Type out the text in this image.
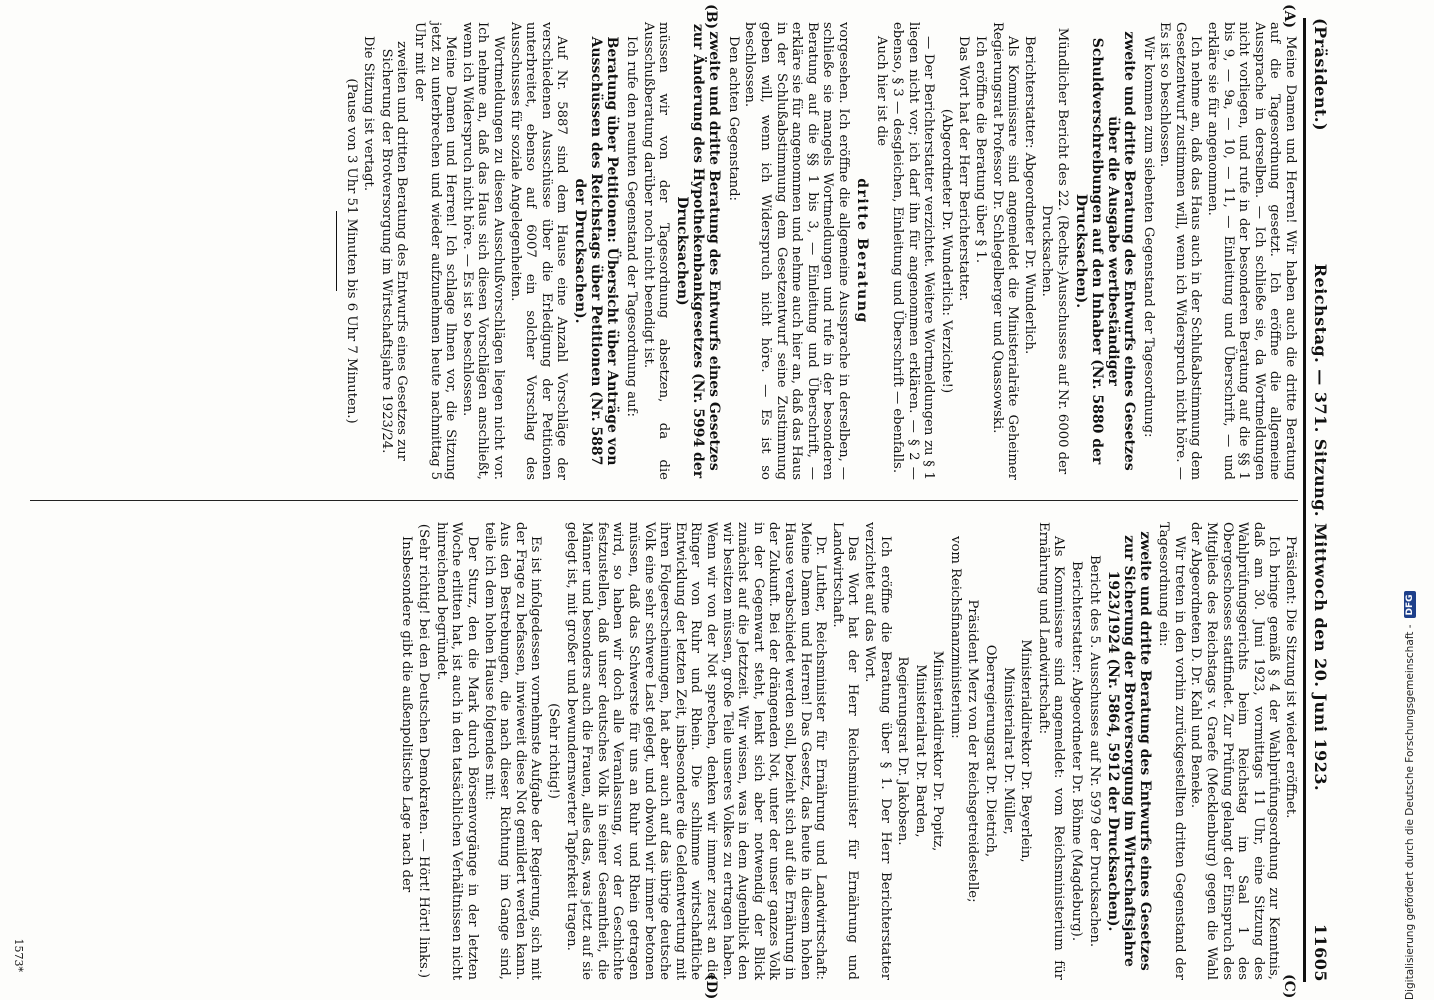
(Präsident.)
Reichstag. — 371. Sitzung. Mittwoch den 20. Juni 1923.
11605
(A)
(B)
(C)
(D)

Meine Damen und Herren! Wir haben auch die dritte Beratung auf die Tagesordnung gesetzt. Ich eröffne die allgemeine Aussprache in derselben. — Ich schließe sie, da Wortmeldungen nicht vorliegen, und rufe in der besonderen Beratung auf die §§ 1 bis 9, — 9a, — 10, — 11, — Einleitung und Überschrift, — und erkläre sie für angenommen.

Ich nehme an, daß das Haus auch in der Schlußabstimmung dem Gesetzentwurf zustimmen will, wenn ich Widerspruch nicht höre. — Es ist so beschlossen.

Wir kommen zum siebenten Gegenstand der Tagesordnung:

zweite und dritte Beratung des Entwurfs eines Gesetzes über die Ausgabe wertbeständiger Schuldverschreibungen auf den Inhaber (Nr. 5880 der Drucksachen).

Mündlicher Bericht des 22. (Rechts-)Ausschusses auf Nr. 6000 der Drucksachen.

Berichterstatter: Abgeordneter Dr. Wunderlich.

Als Kommissare sind angemeldet die Ministerialräte Geheimer Regierungsrat Professor Dr. Schlegelberger und Quassowski.

Ich eröffne die Beratung über § 1.

Das Wort hat der Herr Berichterstatter.

(Abgeordneter Dr. Wunderlich: Verzichte!)

— Der Berichterstatter verzichtet. Weitere Wortmeldungen zu § 1 liegen nicht vor; ich darf ihn für angenommen erklären. — § 2 — ebenso, § 3 — desgleichen, Einleitung und Überschrift — ebenfalls.

Auch hier ist die

dritte Beratung

vorgesehen. Ich eröffne die allgemeine Aussprache in derselben, — schließe sie mangels Wortmeldungen und rufe in der besonderen Beratung auf die §§ 1 bis 3, — Einleitung und Überschrift, — erkläre sie für angenommen und nehme auch hier an, daß das Haus in der Schlußabstimmung dem Gesetzentwurf seine Zustimmung geben will, wenn ich Widerspruch nicht höre. — Es ist so beschlossen.

Den achten Gegenstand:

zweite und dritte Beratung des Entwurfs eines Gesetzes zur Änderung des Hypothekenbankgesetzes (Nr. 5994 der Drucksachen)

müssen wir von der Tagesordnung absetzen, da die Ausschußberatung darüber noch nicht beendigt ist.

Ich rufe den neunten Gegenstand der Tagesordnung auf:

Beratung über Petitionen: Übersicht über Anträge von Ausschüssen des Reichstags über Petitionen (Nr. 5887 der Drucksachen).

Auf Nr. 5887 sind dem Hause eine Anzahl Vorschläge der verschiedenen Ausschüsse über die Erledigung der Petitionen unterbreitet, ebenso auf 6007 ein solcher Vorschlag des Ausschusses für soziale Angelegenheiten.

Wortmeldungen zu diesen Ausschußvorschlägen liegen nicht vor. Ich nehme an, daß das Haus sich diesen Vorschlägen anschließt, wenn ich Widerspruch nicht höre. — Es ist so beschlossen.

Meine Damen und Herren! Ich schlage Ihnen vor, die Sitzung jetzt zu unterbrechen und wieder aufzunehmen heute nachmittag 5 Uhr mit der

zweiten und dritten Beratung des Entwurfs eines Gesetzes zur Sicherung der Brotversorgung im Wirtschaftsjahre 1923/24.

Die Sitzung ist vertagt.

(Pause von 3 Uhr 51 Minuten bis 6 Uhr 7 Minuten.)

Präsident: Die Sitzung ist wieder eröffnet.

Ich bringe gemäß § 4 der Wahlprüfungsordnung zur Kenntnis, daß am 30. Juni 1923, vormittags 11 Uhr, eine Sitzung des Wahlprüfungsgerichts beim Reichstag im Saal 1 des Obergeschosses stattfindet. Zur Prüfung gelangt der Einspruch des Mitglieds des Reichstags v. Graefe (Mecklenburg) gegen die Wahl der Abgeordneten D. Dr. Kahl und Beneke.

Wir treten in den vorhin zurückgestellten dritten Gegenstand der Tagesordnung ein:

zweite und dritte Beratung des Entwurfs eines Gesetzes zur Sicherung der Brotversorgung im Wirtschaftsjahre 1923/1924 (Nr. 5864, 5912 der Drucksachen).

Bericht des 5. Ausschusses auf Nr. 5979 der Drucksachen.

Berichterstatter: Abgeordneter Dr. Böhme (Magdeburg).

Als Kommissare sind angemeldet: vom Reichsministerium für Ernährung und Landwirtschaft:

Ministerialdirektor Dr. Beyerlein,

Ministerialrat Dr. Müller,

Oberregierungsrat Dr. Dietrich,

Präsident Merz von der Reichsgetreidestelle;

vom Reichsfinanzministerium:

Ministerialdirektor Dr. Popitz,

Ministerialrat Dr. Barden,

Regierungsrat Dr. Jakobsen.

Ich eröffne die Beratung über § 1. Der Herr Berichterstatter verzichtet auf das Wort.

Das Wort hat der Herr Reichsminister für Ernährung und Landwirtschaft.

Dr. Luther, Reichsminister für Ernährung und Landwirtschaft: Meine Damen und Herren! Das Gesetz, das heute in diesem hohen Hause verabschiedet werden soll, bezieht sich auf die Ernährung in der Zukunft. Bei der drängenden Not, unter der unser ganzes Volk in der Gegenwart steht, lenkt sich aber notwendig der Blick zunächst auf die Jetztzeit. Wir wissen, was in dem Augenblick den wir besitzen müssen, große Teile unseres Volkes zu ertragen haben. Wenn wir von der Not sprechen, denken wir immer zuerst an die Ringer von Ruhr und Rhein. Die schlimme wirtschaftliche Entwicklung der letzten Zeit, insbesondere die Geldentwertung mit ihren Folgeerscheinungen, hat aber auch auf das übrige deutsche Volk eine sehr schwere Last gelegt, und obwohl wir immer betonen müssen, daß das Schwerste für uns an Ruhr und Rhein getragen wird, so haben wir doch alle Veranlassung, vor der Geschichte festzustellen, daß unser deutsches Volk in seiner Gesamtheit, die Männer und besonders auch die Frauen, alles das, was jetzt auf sie gelegt ist, mit großer und bewundernswerter Tapferkeit tragen.

(Sehr richtig!)

Es ist infolgedessen vornehmste Aufgabe der Regierung, sich mit der Frage zu befassen, inwieweit diese Not gemildert werden kann. Aus den Bestrebungen, die nach dieser Richtung im Gange sind, teile ich dem hohen Hause folgendes mit:

Der Sturz, den die Mark durch Börsenvorgänge in der letzten Woche erlitten hat, ist auch in den tatsächlichen Verhältnissen nicht hinreichend begründet.

(Sehr richtig! bei den Deutschen Demokraten. — Hört! Hört! links.)

Insbesondere gibt die außenpolitische Lage nach der

1573*	Digitalisierung gefördert durch die Deutsche Forschungsgemeinschaft -
DFG
